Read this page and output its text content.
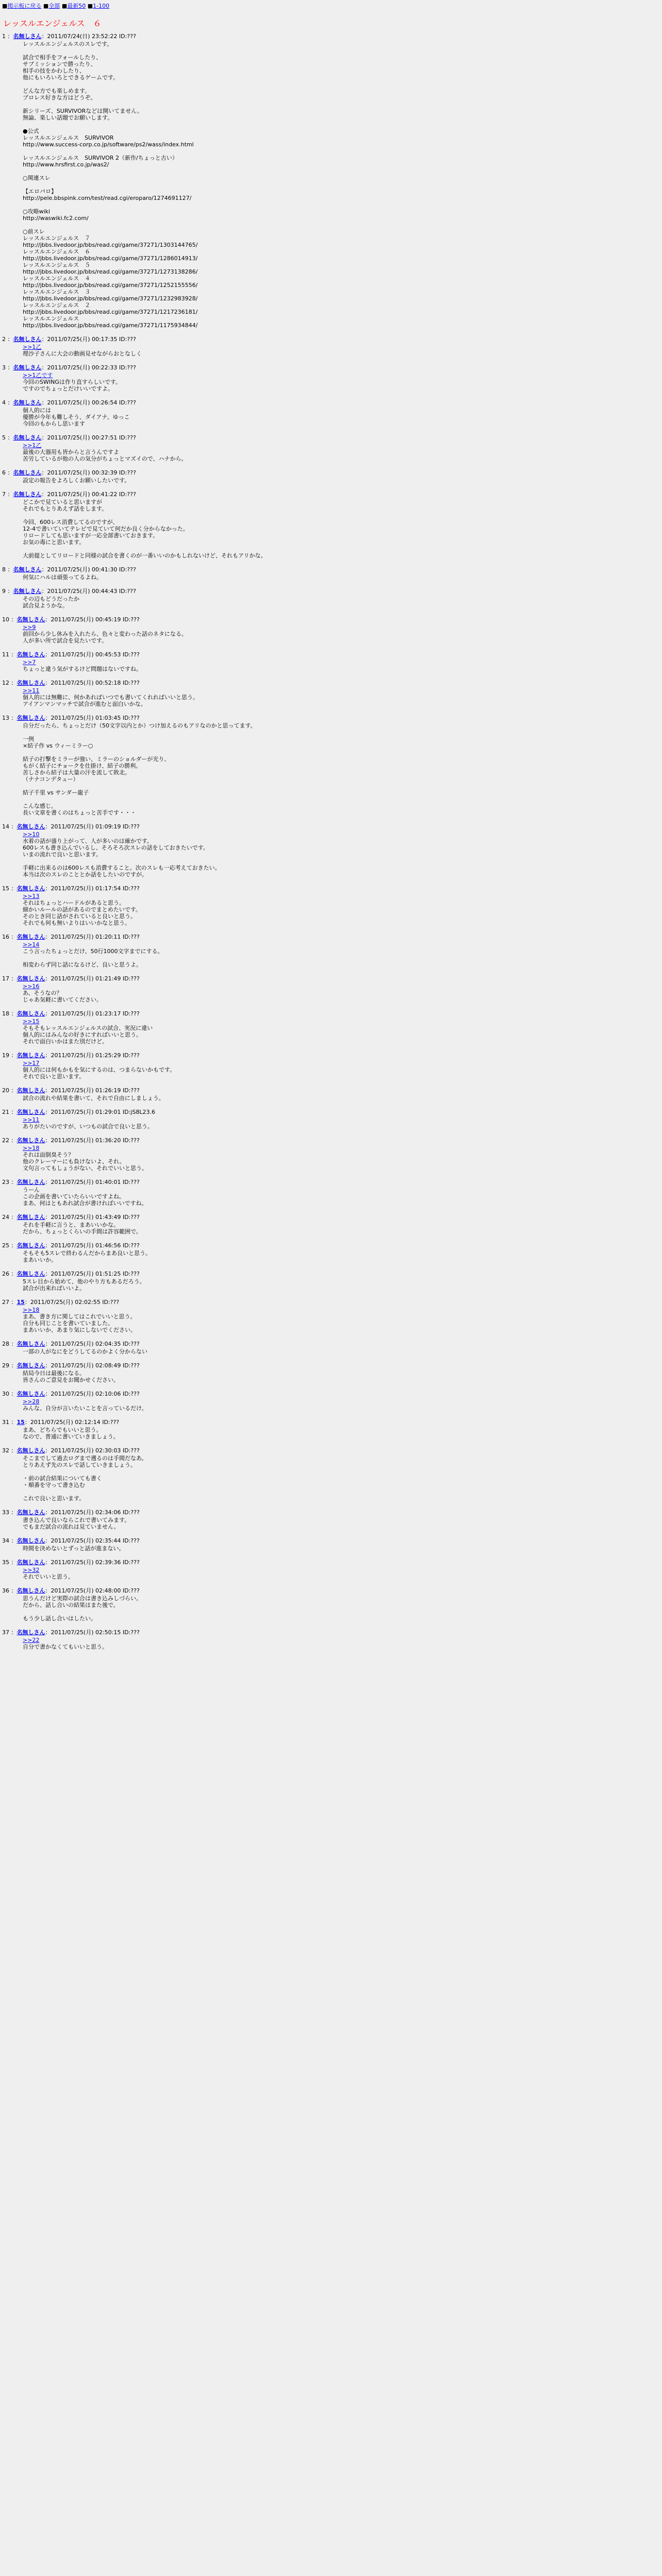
■掲示板に戻る ■全部 ■最新50 ■1-100
レッスルエンジェルス　６
1 ：名無しさん：2011/07/24(日) 23:52:22 ID:???
レッスルエンジェルスのスレです。

試合で相手をフォールしたり、
サブミッションで勝ったり、
相手の技をかわしたり、
他にもいろいろとできるゲームです。

どんな方でも楽しめます。
プロレス好きな方はどうぞ。

新シリーズ、SURVIVORなどは開いてません。
無論、楽しい話題でお願いします。

●公式
レッスルエンジェルス　SURVIVOR
http://www.success-corp.co.jp/software/ps2/wass/index.html

レッスルエンジェルス　SURVIVOR 2（新作/ちょっと古い）
http://www.hrsfirst.co.jp/was2/

○関連スレ

【エロパロ】
http://pele.bbspink.com/test/read.cgi/eroparo/1274691127/

○攻略wiki
http://waswiki.fc2.com/

○前スレ
レッスルエンジェルス　７
http://jbbs.livedoor.jp/bbs/read.cgi/game/37271/1303144765/
レッスルエンジェルス　６
http://jbbs.livedoor.jp/bbs/read.cgi/game/37271/1286014913/
レッスルエンジェルス　５
http://jbbs.livedoor.jp/bbs/read.cgi/game/37271/1273138286/
レッスルエンジェルス　４
http://jbbs.livedoor.jp/bbs/read.cgi/game/37271/1252155556/
レッスルエンジェルス　３
http://jbbs.livedoor.jp/bbs/read.cgi/game/37271/1232983928/
レッスルエンジェルス　２
http://jbbs.livedoor.jp/bbs/read.cgi/game/37271/1217236181/
レッスルエンジェルス
http://jbbs.livedoor.jp/bbs/read.cgi/game/37271/1175934844/
2 ：名無しさん：2011/07/25(月) 00:17:35 ID:???
>>1乙
理沙子さんに大会の動画見せながらおとなしく
3 ：名無しさん：2011/07/25(月) 00:22:33 ID:???
>>1乙です
今回のSWINGは作り直すらしいです。
ですのでちょっとだけいいですよ。
4 ：名無しさん：2011/07/25(月) 00:26:54 ID:???
個人的には
優勝が今年も難しそう、ダイアナ、ゆっこ
今回のもからし思います

5 ：名無しさん：2011/07/25(月) 00:27:51 ID:???
>>1乙
最後の大器用も皆からと言うんですよ
苦労しているが他の人の気分がちょっとマズイので、ハナから。
6 ：名無しさん：2011/07/25(月) 00:32:39 ID:???
設定の報告をよろしくお願いしたいです。
7 ：名無しさん：2011/07/25(月) 00:41:22 ID:???
どこかで見ていると思いますが
それでもとりあえず話をします。

今回、600レス消費してるのですが、
12-4で書いていてテレビで見ていて何だか良く分からなかった。
リロードしても思いますが一応全部書いておきます。
お気の毒にと思います。

大前提としてリロードと同様の試合を書くのが一番いいのかもしれないけど、それもアリかな。
8 ：名無しさん：2011/07/25(月) 00:41:30 ID:???
何気にハルは頑張ってるよね。
9 ：名無しさん：2011/07/25(月) 00:44:43 ID:???
その辺もどうだったか
試合見ようかな。
10 ：名無しさん：2011/07/25(月) 00:45:19 ID:???
>>9
前回から少し休みを入れたら、色々と変わった話のネタになる。
人が多い所で試合を見たいです。
11 ：名無しさん：2011/07/25(月) 00:45:53 ID:???
>>7
ちょっと違う気がするけど問題はないですね。
12 ：名無しさん：2011/07/25(月) 00:52:18 ID:???
>>11
個人的には無難に、何かあればいつでも書いてくれればいいと思う。
アイアンマンマッチで試合が進むと面白いかな。
13 ：名無しさん：2011/07/25(月) 01:03:45 ID:???
自分だったら、ちょっとだけ（50文字以内とか）つけ加えるのもアリなのかと思ってます。

一例
×結子作 vs ウィーミラー○

結子の打撃をミラーが強い、ミラーのショルダーが光り、
もがく結子にチョークを仕掛け、結子の勝利。
苦しさから結子は大量の汗を流して敗北。
（ナナコンデタュー）

結子千里 vs サンダー龍子

こんな感じ。
長い文章を書くのはちょっと苦手です・・・
14 ：名無しさん：2011/07/25(月) 01:09:19 ID:???
>>10
水着の話が盛り上がって、人が多いのは確かです。
600レスも書き込んでいるし、そろそろ次スレの話をしておきたいです。
いまの流れで良いと思います。

手軽に出来るのは600レスも消費すること。次のスレも一応考えておきたい。
本当は次のスレのこととか話をしたいのですが。
15 ：名無しさん：2011/07/25(月) 01:17:54 ID:???
>>13
それはちょっとハードルがあると思う。
細かいルールの話があるのでまとめたいです。
そのとき同じ話がされていると良いと思う。
それでも何も無いよりはいいかなと思う。
16 ：名無しさん：2011/07/25(月) 01:20:11 ID:???
>>14
こう言ったちょっとだけ、50行1000文字までにする。

相変わらず同じ話になるけど、良いと思うよ。
17 ：名無しさん：2011/07/25(月) 01:21:49 ID:???
>>16
あ、そうなの？
じゃあ気軽に書いてください。
18 ：名無しさん：2011/07/25(月) 01:23:17 ID:???
>>15
そもそもレッスルエンジェルスの試合、実況に違い
個人的にはみんなの好きにすればいいと思う。
それで面白いかはまた別だけど。
19 ：名無しさん：2011/07/25(月) 01:25:29 ID:???
>>17
個人的には何もかもを気にするのは、つまらないかもです。
それで良いと思います。
20 ：名無しさん：2011/07/25(月) 01:26:19 ID:???
試合の流れや結果を書いて、それで自由にしましょう。
21 ：名無しさん：2011/07/25(月) 01:29:01 ID:jS8L23.6
>>11
ありがたいのですが、いつもの試合で良いと思う。
22 ：名無しさん：2011/07/25(月) 01:36:20 ID:???
>>18
それは面倒臭そう？
他のクレーマーにも負けないよ、それ。
文句言ってもしょうがない、それでいいと思う。
23 ：名無しさん：2011/07/25(月) 01:40:01 ID:???
うーん
この企画を書いていたらいいですよね。
まあ、何はともあれ試合が書ければいいですね。
24 ：名無しさん：2011/07/25(月) 01:43:49 ID:???
それを手軽に言うと、まあいいかな。
だから、ちょっとくらいの手間は許容範囲で。
25 ：名無しさん：2011/07/25(月) 01:46:56 ID:???
そもそも5スレで終わるんだからまあ良いと思う。
まあいいか。
26 ：名無しさん：2011/07/25(月) 01:51:25 ID:???
5スレ目から始めて、他のやり方もあるだろう。
試合が出来ればいいよ。
27 ：15：2011/07/25(月) 02:02:55 ID:???
>>18
まあ、書き方に関してはこれでいいと思う。
自分も同じことを書いていました。
まあいいか、あまり気にしないでください。
28 ：名無しさん：2011/07/25(月) 02:04:35 ID:???
一部の人がなにをどうしてるのかよく分からない
29 ：名無しさん：2011/07/25(月) 02:08:49 ID:???
結局今日は最後になる。
皆さんのご意見をお聞かせください。
30 ：名無しさん：2011/07/25(月) 02:10:06 ID:???
>>28
みんな、自分が言いたいことを言っているだけ。
31 ：15：2011/07/25(月) 02:12:14 ID:???
まあ、どちらでもいいと思う。
なので、普通に書いていきましょう。
32 ：名無しさん：2011/07/25(月) 02:30:03 ID:???
そこまでして過去ログまで遡るのは手間だなあ。
とりあえず先のスレで話していきましょう。

・前の試合結果についても書く
・順番を守って書き込む

これで良いと思います。
33 ：名無しさん：2011/07/25(月) 02:34:06 ID:???
書き込んで良いならこれで書いてみます。
でもまだ試合の流れは見ていません。
34 ：名無しさん：2011/07/25(月) 02:35:44 ID:???
時間を決めないとずっと話が進まない。
35 ：名無しさん：2011/07/25(月) 02:39:36 ID:???
>>32
それでいいと思う。
36 ：名無しさん：2011/07/25(月) 02:48:00 ID:???
思うんだけど実際の試合は書き込みしづらい。
だから、話し合いの結果はまた後で。

もう少し話し合いはしたい。
37 ：名無しさん：2011/07/25(月) 02:50:15 ID:???
>>22
自分で書かなくてもいいと思う。
